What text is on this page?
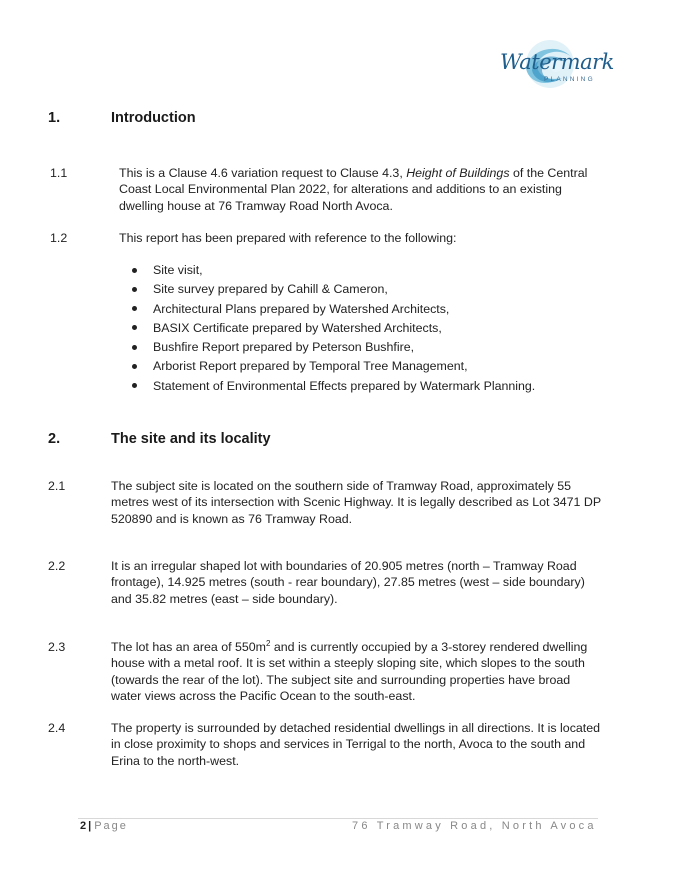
Watermark
PLANNING
1.	Introduction
1.1	This is a Clause 4.6 variation request to Clause 4.3, Height of Buildings of the Central
Coast Local Environmental Plan 2022, for alterations and additions to an existing
dwelling house at 76 Tramway Road North Avoca.
1.2	This report has been prepared with reference to the following:
Site visit,
Site survey prepared by Cahill & Cameron,
Architectural Plans prepared by Watershed Architects,
BASIX Certificate prepared by Watershed Architects,
Bushfire Report prepared by Peterson Bushfire,
Arborist Report prepared by Temporal Tree Management,
Statement of Environmental Effects prepared by Watermark Planning.
2.	The site and its locality
2.1	The subject site is located on the southern side of Tramway Road, approximately 55
metres west of its intersection with Scenic Highway. It is legally described as Lot 3471 DP
520890 and is known as 76 Tramway Road.
2.2	It is an irregular shaped lot with boundaries of 20.905 metres (north – Tramway Road
frontage), 14.925 metres (south - rear boundary), 27.85 metres (west – side boundary)
and 35.82 metres (east – side boundary).
2.3	The lot has an area of $550m^2$ and is currently occupied by a 3-storey rendered dwelling
house with a metal roof. It is set within a steeply sloping site, which slopes to the south
(towards the rear of the lot). The subject site and surrounding properties have broad
water views across the Pacific Ocean to the south-east.
2.4	The property is surrounded by detached residential dwellings in all directions. It is located
in close proximity to shops and services in Terrigal to the north, Avoca to the south and
Erina to the north-west.
2 | Page	76 Tramway Road, North Avoca
